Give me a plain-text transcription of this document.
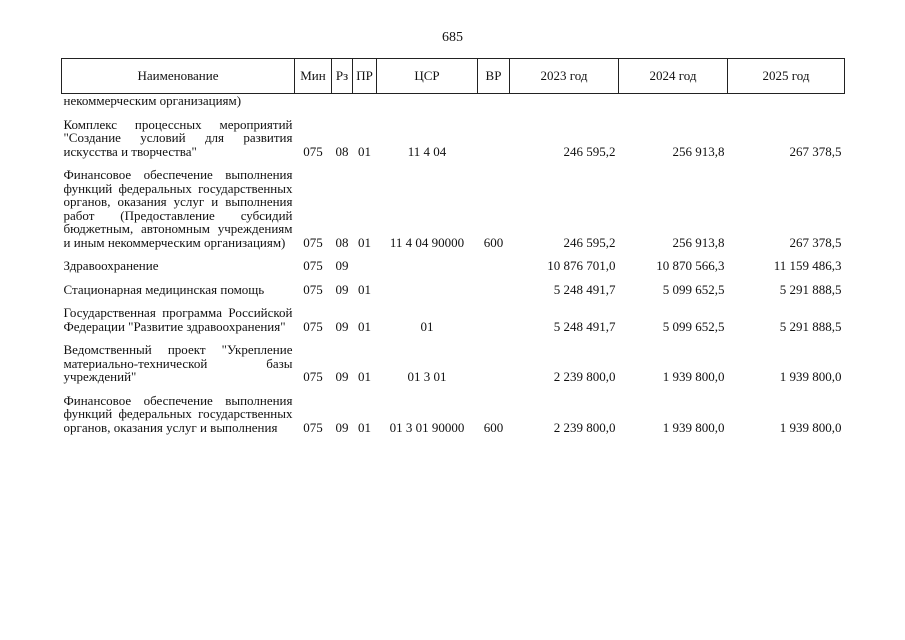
685
Наименование	Мин	Рз	ПР	ЦСР	ВР	2023 год	2024 год	2025 год
некоммерческим организациям)								

Комплекс процессных мероприятий "Создание условий для развития искусства и творчества"	075	08	01	11 4 04		246 595,2	256 913,8	267 378,5

Финансовое обеспечение выполнения функций федеральных государственных органов, оказания услуг и выполнения работ (Предоставление субсидий бюджетным, автономным учреждениям и иным некоммерческим организациям)	075	08	01	11 4 04 90000	600	246 595,2	256 913,8	267 378,5

Здравоохранение	075	09				10 876 701,0	10 870 566,3	11 159 486,3

Стационарная медицинская помощь	075	09	01			5 248 491,7	5 099 652,5	5 291 888,5

Государственная программа Российской Федерации "Развитие здравоохранения"	075	09	01	01		5 248 491,7	5 099 652,5	5 291 888,5

Ведомственный проект "Укрепление материально-технической базы учреждений"	075	09	01	01 3 01		2 239 800,0	1 939 800,0	1 939 800,0

Финансовое обеспечение выполнения функций федеральных государственных органов, оказания услуг и выполнения	075	09	01	01 3 01 90000	600	2 239 800,0	1 939 800,0	1 939 800,0
